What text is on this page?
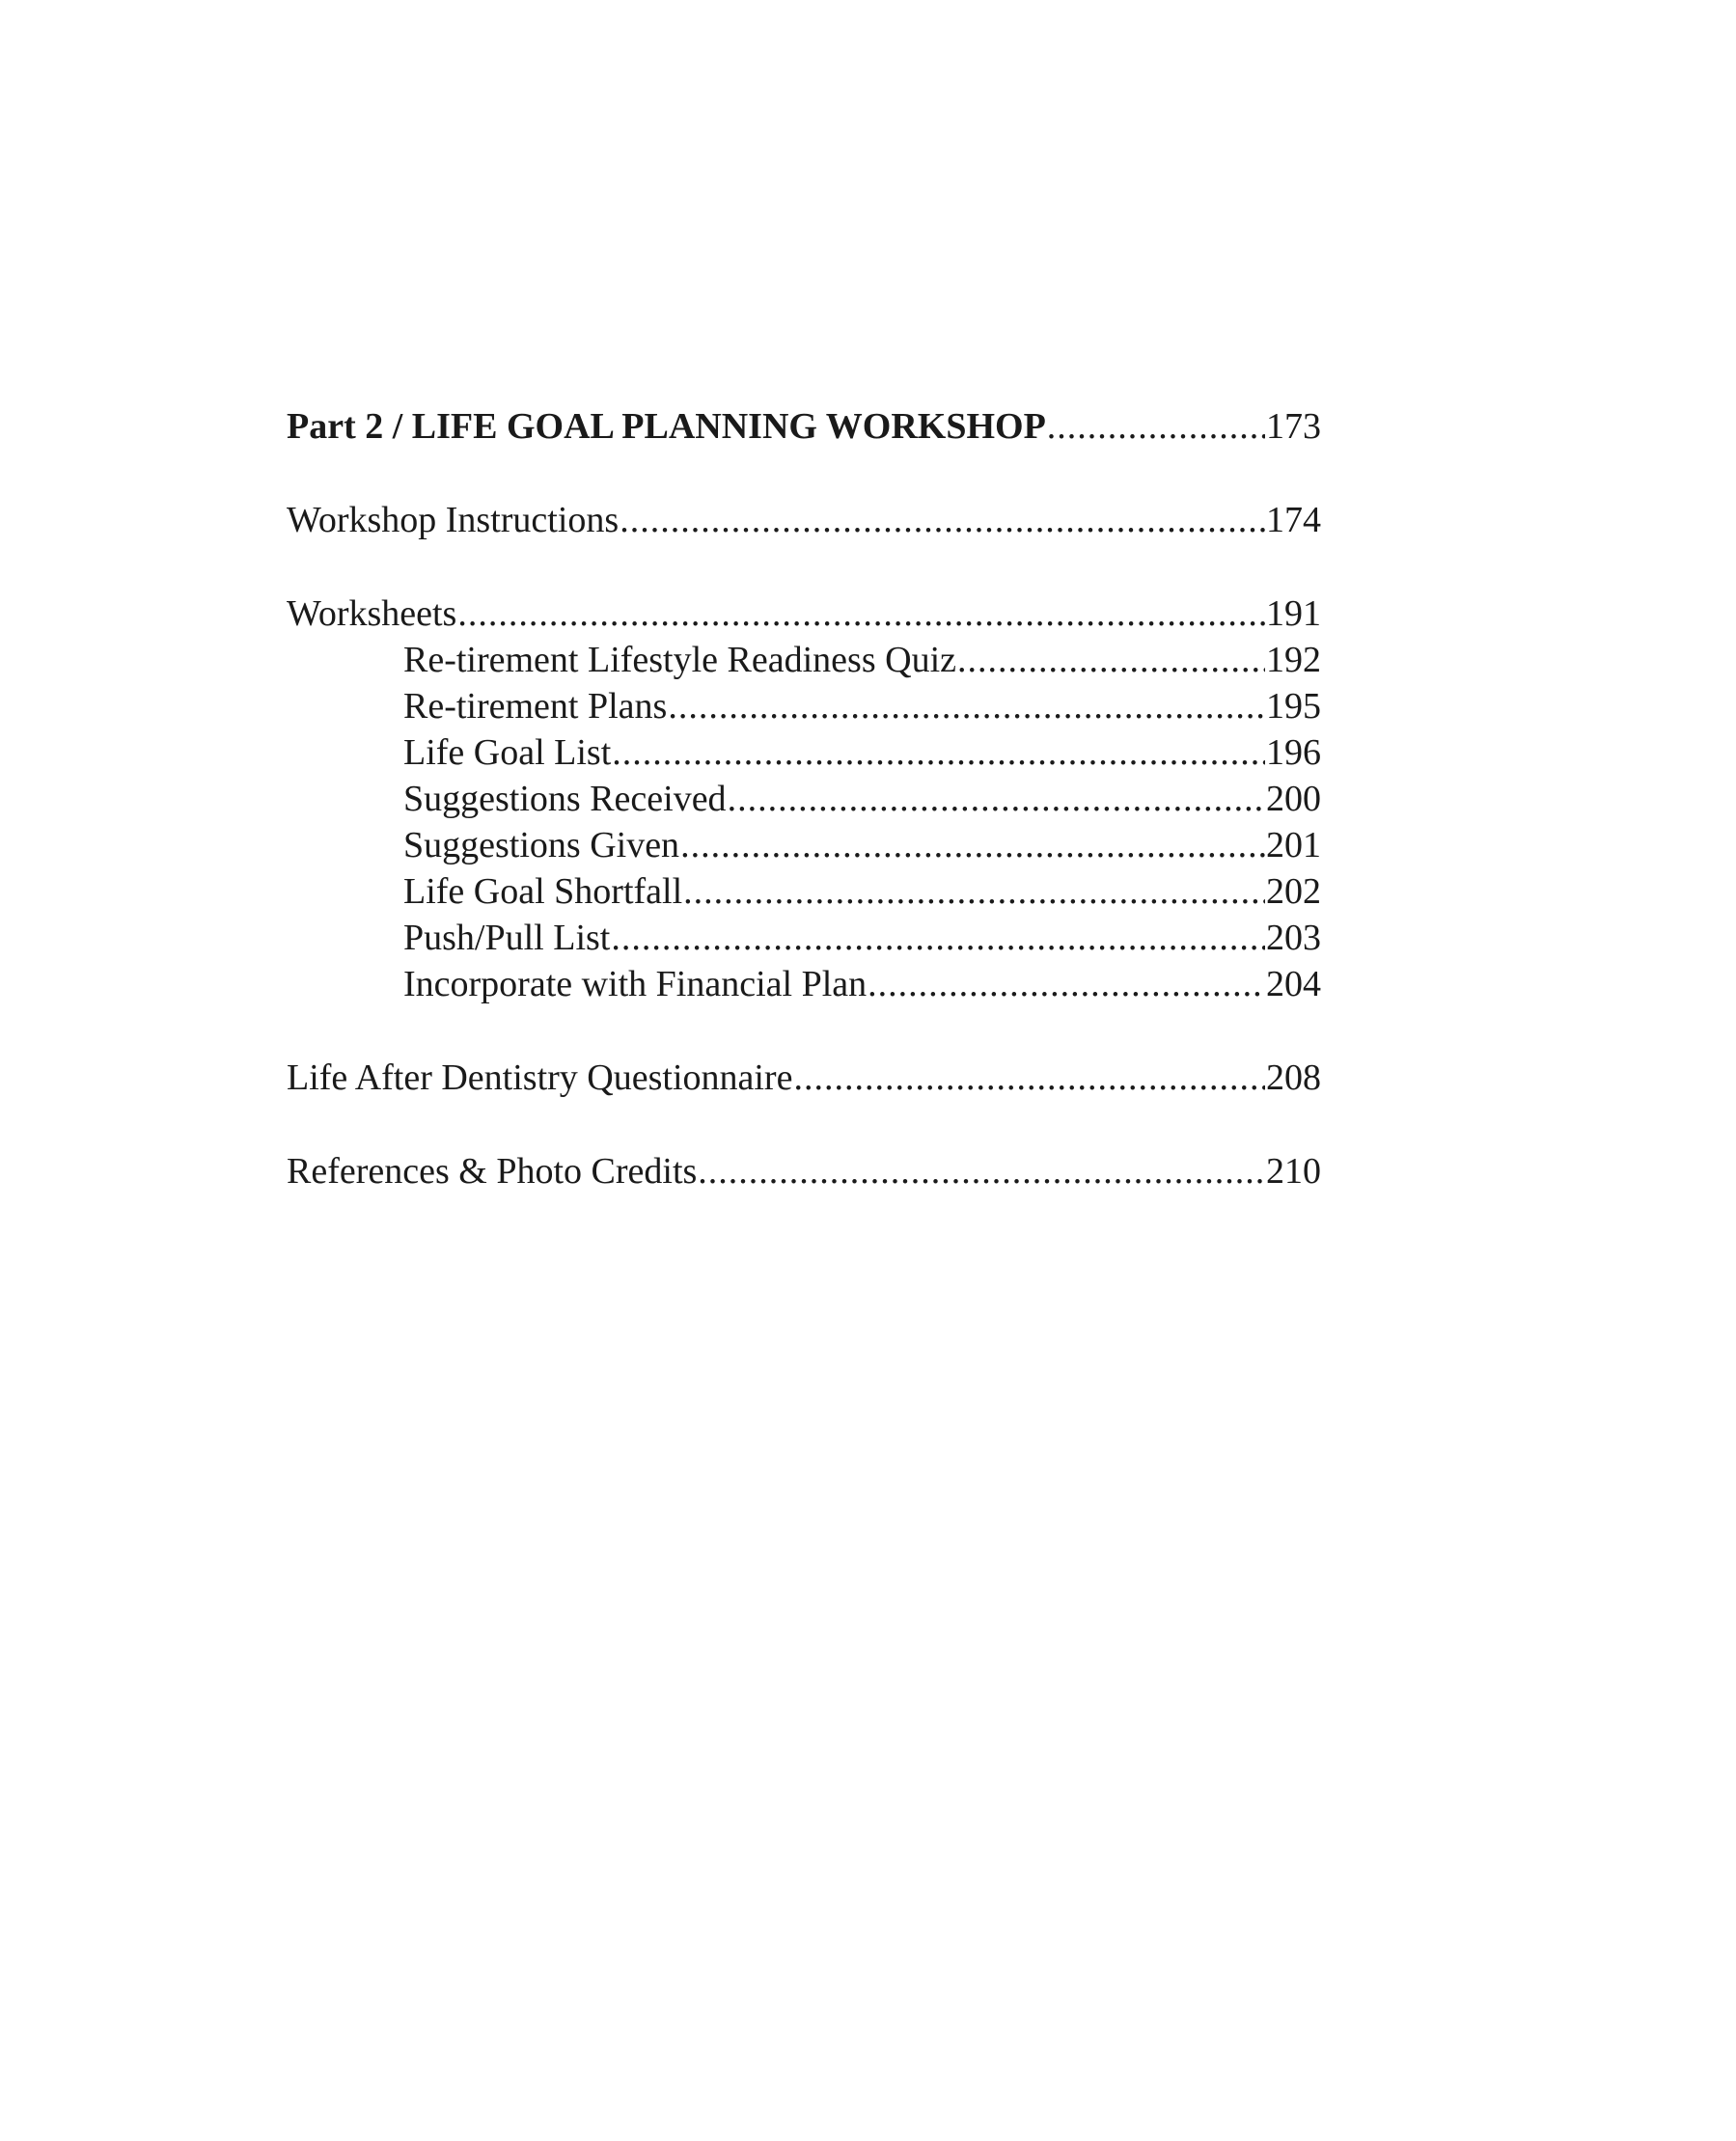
Part 2 / LIFE GOAL PLANNING WORKSHOP .....	173
Workshop Instructions .....	174
Worksheets .....	191
Re-tirement Lifestyle Readiness Quiz .....	192
Re-tirement Plans .....	195
Life Goal List .....	196
Suggestions Received .....	200
Suggestions Given .....	201
Life Goal Shortfall .....	202
Push/Pull List .....	203
Incorporate with Financial Plan .....	204
Life After Dentistry Questionnaire .....	208
References & Photo Credits .....	210
